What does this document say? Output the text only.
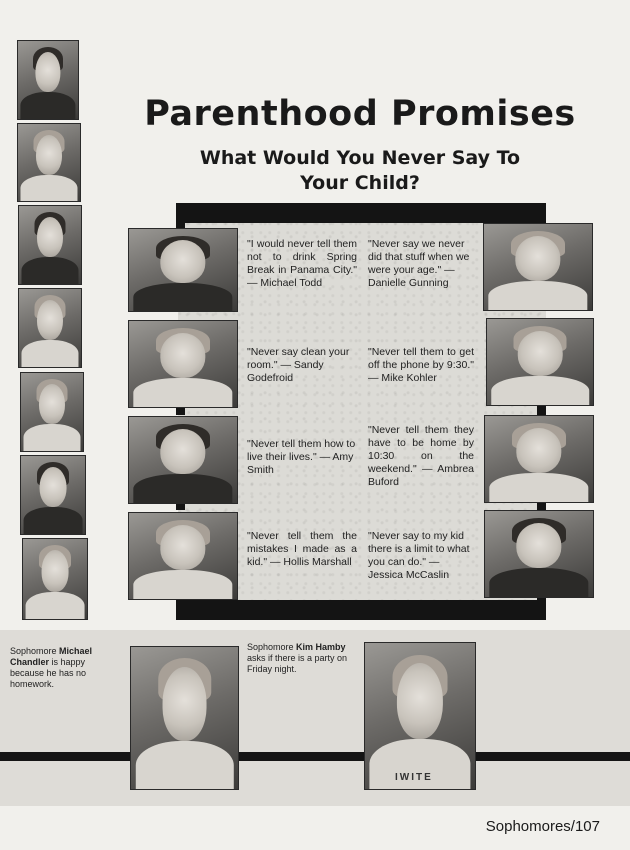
Parenthood Promises
What Would You Never Say To
Your Child?
"I would never tell them not to drink Spring Break in Panama City." — Michael Todd
"Never say we never did that stuff when we were your age." — Danielle Gunning
"Never say clean your room." — Sandy Godefroid
"Never tell them to get off the phone by 9:30." — Mike Kohler
"Never tell them how to live their lives." — Amy Smith
"Never tell them they have to be home by 10:30 on the weekend." — Ambrea Buford
"Never tell them the mistakes I made as a kid." — Hollis Marshall
"Never say to my kid there is a limit to what you can do." — Jessica McCaslin
Sophomore Michael Chandler is happy because he has no homework.
Sophomore Kim Hamby asks if there is a party on Friday night.
IWITE
Sophomores/107
